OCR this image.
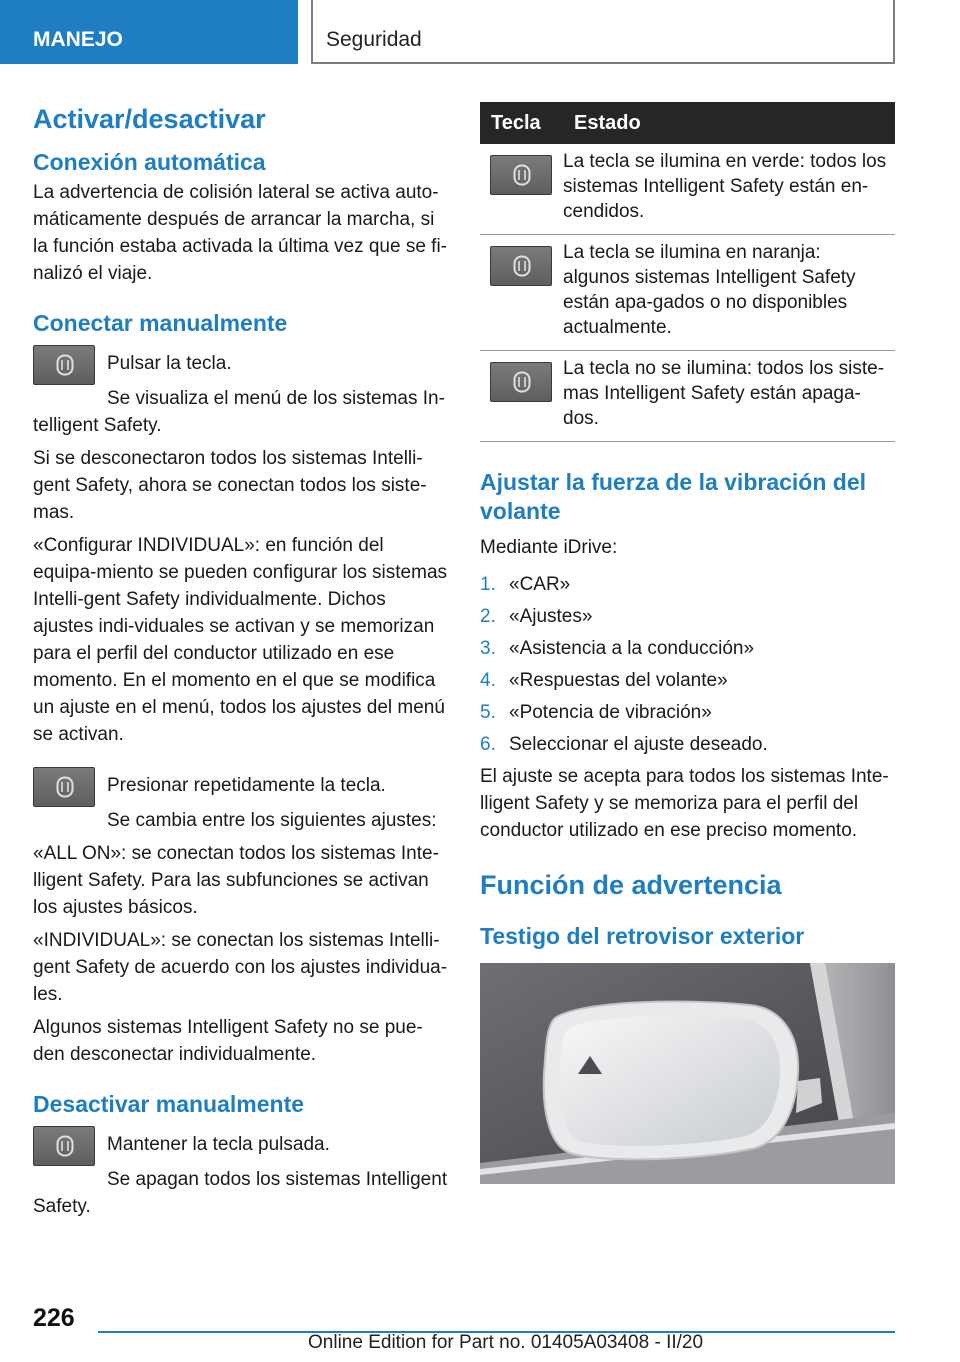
MANEJO	Seguridad
Activar/desactivar
Conexión automática
La advertencia de colisión lateral se activa auto-máticamente después de arrancar la marcha, si la función estaba activada la última vez que se fi-nalizó el viaje.
Conectar manualmente
Pulsar la tecla.
Se visualiza el menú de los sistemas In-telligent Safety.
Si se desconectaron todos los sistemas Intelli-gent Safety, ahora se conectan todos los siste-mas.
«Configurar INDIVIDUAL»: en función del equipa-miento se pueden configurar los sistemas Intelli-gent Safety individualmente. Dichos ajustes indi-viduales se activan y se memorizan para el perfil del conductor utilizado en ese momento. En el momento en el que se modifica un ajuste en el menú, todos los ajustes del menú se activan.
Presionar repetidamente la tecla.
Se cambia entre los siguientes ajustes:
«ALL ON»: se conectan todos los sistemas Inte-lligent Safety. Para las subfunciones se activan los ajustes básicos.
«INDIVIDUAL»: se conectan los sistemas Intelli-gent Safety de acuerdo con los ajustes individua-les.
Algunos sistemas Intelligent Safety no se pue-den desconectar individualmente.
Desactivar manualmente
Mantener la tecla pulsada.
Se apagan todos los sistemas Intelligent Safety.
Tecla	Estado

	La tecla se ilumina en verde: todos los sistemas Intelligent Safety están en-cendidos.

	La tecla se ilumina en naranja: algunos sistemas Intelligent Safety están apa-gados o no disponibles actualmente.

	La tecla no se ilumina: todos los siste-mas Intelligent Safety están apaga-dos.
Ajustar la fuerza de la vibración del volante
Mediante iDrive:
1. «CAR»
2. «Ajustes»
3. «Asistencia a la conducción»
4. «Respuestas del volante»
5. «Potencia de vibración»
6. Seleccionar el ajuste deseado.
El ajuste se acepta para todos los sistemas Inte-lligent Safety y se memoriza para el perfil del conductor utilizado en ese preciso momento.
Función de advertencia
Testigo del retrovisor exterior
226
Online Edition for Part no. 01405A03408 - II/20
